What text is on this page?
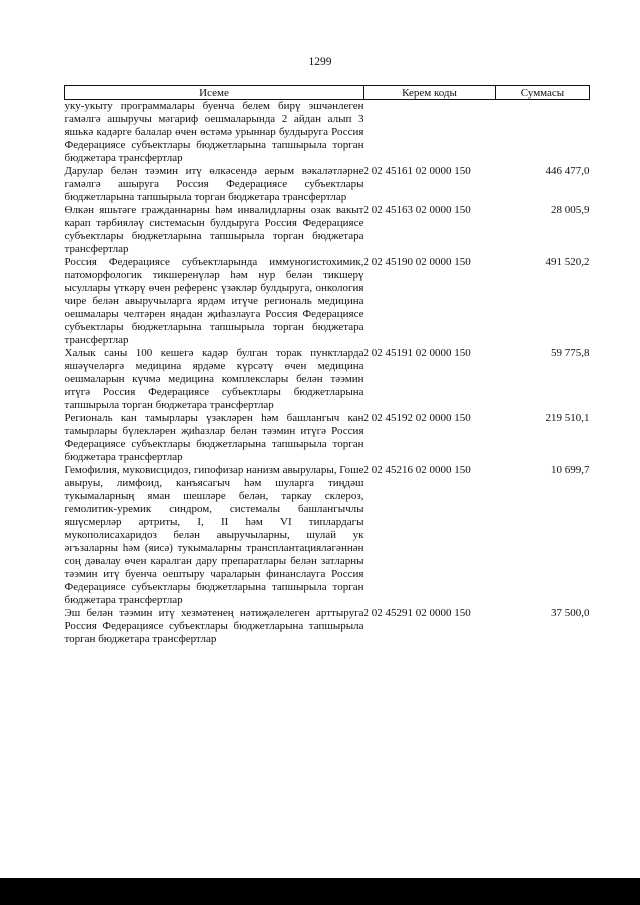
1299
Исеме	Керем коды	Суммасы
уку-укыту программалары буенча белем бирү эшчәнлеген гамәлгә ашыручы мәгариф оешмаларында 2 айдан алып 3 яшькә кадәрге балалар өчен өстәмә урыннар булдыруга Россия Федерациясе субъектлары бюджетларына тапшырыла торган бюджетара трансфертлар		
Дарулар белән тәэмин итү өлкәсендә аерым вәкаләтләрне гамәлгә ашыруга Россия Федерациясе субъектлары бюджетларына тапшырыла торган бюджетара трансфертлар	2 02 45161 02 0000 150	446 477,0
Өлкән яшьтәге гражданнарны һәм инвалидларны озак вакыт карап тәрбияләү системасын булдыруга Россия Федерациясе субъектлары бюджетларына тапшырыла торган бюджетара трансфертлар	2 02 45163 02 0000 150	28 005,9
Россия Федерациясе субъектларында иммуногистохимик, патоморфологик тикшеренүләр һәм нур белән тикшерү ысуллары үткәрү өчен референс үзәкләр булдыруга, онкология чире белән авыручыларга ярдәм итүче региональ медицина оешмалары челтәрен яңадан җиһазлауга Россия Федерациясе субъектлары бюджетларына тапшырыла торган бюджетара трансфертлар	2 02 45190 02 0000 150	491 520,2
Халык саны 100 кешегә кадәр булган торак пунктларда яшәүчеләргә медицина ярдәме күрсәтү өчен медицина оешмаларын күчмә медицина комплекслары белән тәэмин итүгә Россия Федерациясе субъектлары бюджетларына тапшырыла торган бюджетара трансфертлар	2 02 45191 02 0000 150	59 775,8
Региональ кан тамырлары үзәкләрен һәм башлангыч кан тамырлары бүлекләрен җиһазлар белән тәэмин итүгә Россия Федерациясе субъектлары бюджетларына тапшырыла торган бюджетара трансфертлар	2 02 45192 02 0000 150	219 510,1
Гемофилия, муковисцидоз, гипофизар нанизм авырулары, Гоше авыруы, лимфоид, канъясагыч һәм шуларга тиңдәш тукымаларның яман шешләре белән, таркау склероз, гемолитик-уремик синдром, системалы башлангычлы яшүсмерләр артриты, I, II һәм VI типлардагы мукополисахаридоз белән авыручыларны, шулай ук әгъзаларны һәм (яисә) тукымаларны трансплантацияләгәннән соң дәвалау өчен каралган дару препаратлары белән затларны тәэмин итү буенча оештыру чараларын финанслауга Россия Федерациясе субъектлары бюджетларына тапшырыла торган бюджетара трансфертлар	2 02 45216 02 0000 150	10 699,7
Эш белән тәэмин итү хезмәтенең нәтиҗәлелеген арттыруга Россия Федерациясе субъектлары бюджетларына тапшырыла торган бюджетара трансфертлар	2 02 45291 02 0000 150	37 500,0
